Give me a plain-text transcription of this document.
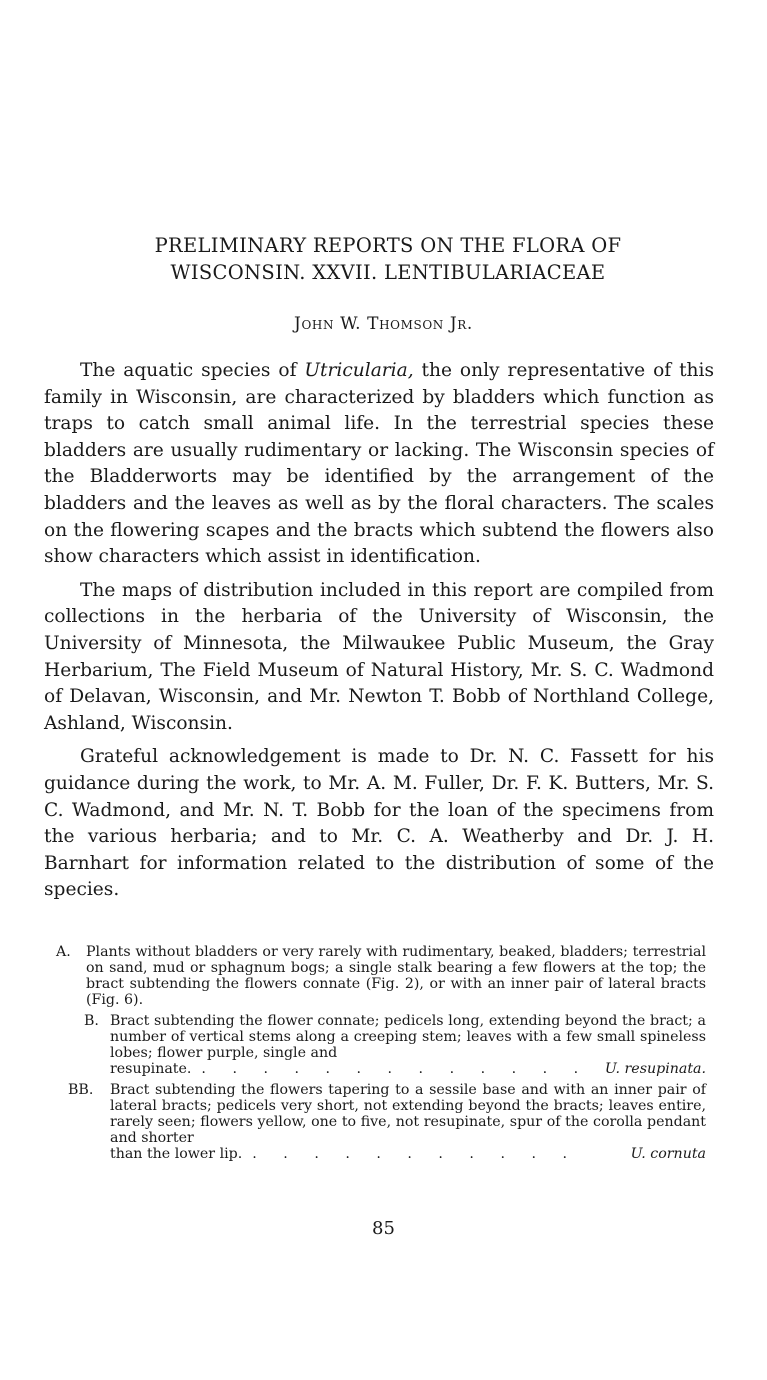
PRELIMINARY REPORTS ON THE FLORA OF
WISCONSIN. XXVII. LENTIBULARIACEAE
John W. Thomson Jr.

The aquatic species of Utricularia, the only representative of this family in Wisconsin, are characterized by bladders which function as traps to catch small animal life. In the terrestrial species these bladders are usually rudimentary or lacking. The Wisconsin species of the Bladderworts may be identified by the arrangement of the bladders and the leaves as well as by the floral characters. The scales on the flowering scapes and the bracts which subtend the flowers also show characters which assist in identification.

The maps of distribution included in this report are compiled from collections in the herbaria of the University of Wisconsin, the University of Minnesota, the Milwaukee Public Museum, the Gray Herbarium, The Field Museum of Natural History, Mr. S. C. Wadmond of Delavan, Wisconsin, and Mr. Newton T. Bobb of Northland College, Ashland, Wisconsin.

Grateful acknowledgement is made to Dr. N. C. Fassett for his guidance during the work, to Mr. A. M. Fuller, Dr. F. K. Butters, Mr. S. C. Wadmond, and Mr. N. T. Bobb for the loan of the specimens from the various herbaria; and to Mr. C. A. Weatherby and Dr. J. H. Barnhart for information related to the distribution of some of the species.

A.	Plants without bladders or very rarely with rudimentary, beaked, bladders; terrestrial on sand, mud or sphagnum bogs; a single stalk bearing a few flowers at the top; the bract subtending the flowers connate (Fig. 2), or with an inner pair of lateral bracts (Fig. 6).
B. Bract subtending the flower connate; pedicels long, extending beyond the bract; a number of vertical stems along a creeping stem; leaves with a few small spineless lobes; flower purple, single and
resupinate. . . . . . . . . . . . . .	U. resupinata.
BB.	Bract subtending the flowers tapering to a sessile base and with an inner pair of lateral bracts; pedicels very short, not extending beyond the bracts; leaves entire, rarely seen; flowers yellow, one to five, not resupinate, spur of the corolla pendant and shorter
than the lower lip. . . . . . . . . . . .	U. cornuta
85
